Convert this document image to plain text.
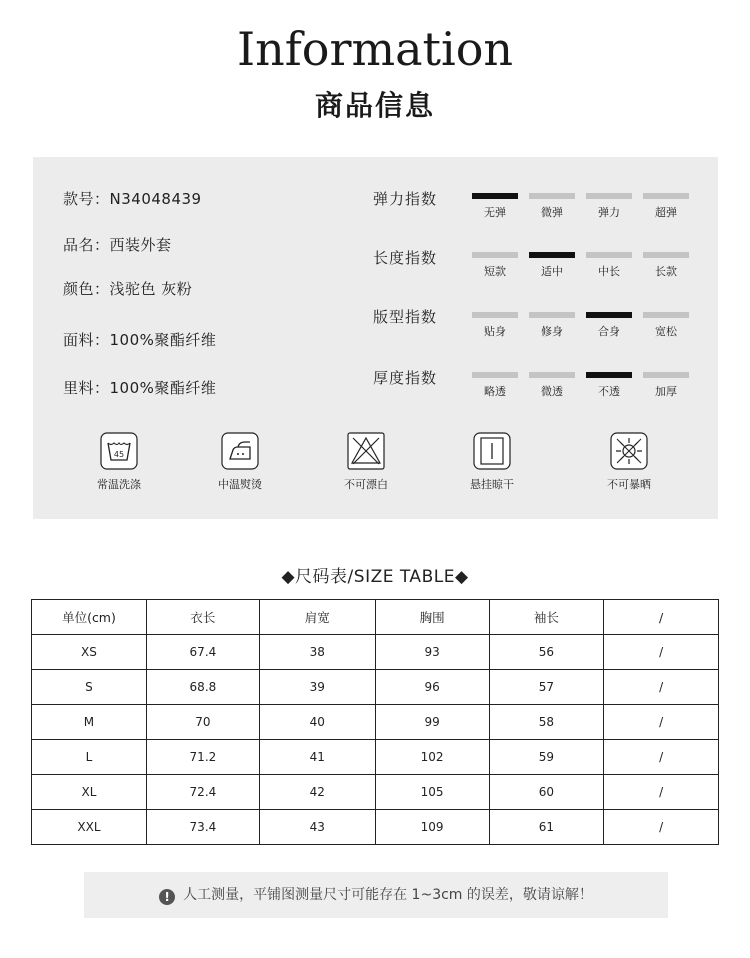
Information
商品信息
款号：N34048439
品名：西装外套
颜色：浅驼色 灰粉
面料：100%聚酯纤维
里料：100%聚酯纤维
弹力指数
长度指数
版型指数
厚度指数
无弹	微弹	弹力	超弹
短款	适中	中长	长款
贴身	修身	合身	宽松
略透	微透	不透	加厚
45
常温洗涤	中温熨烫	不可漂白	悬挂晾干	不可暴晒
◆尺码表/SIZE TABLE◆
单位(cm)	衣长	肩宽	胸围	袖长	/
XS	67.4	38	93	56	/
S	68.8	39	96	57	/
M	70	40	99	58	/
L	71.2	41	102	59	/
XL	72.4	42	105	60	/
XXL	73.4	43	109	61	/
! 人工测量，平铺图测量尺寸可能存在 1~3cm 的误差，敬请谅解！
